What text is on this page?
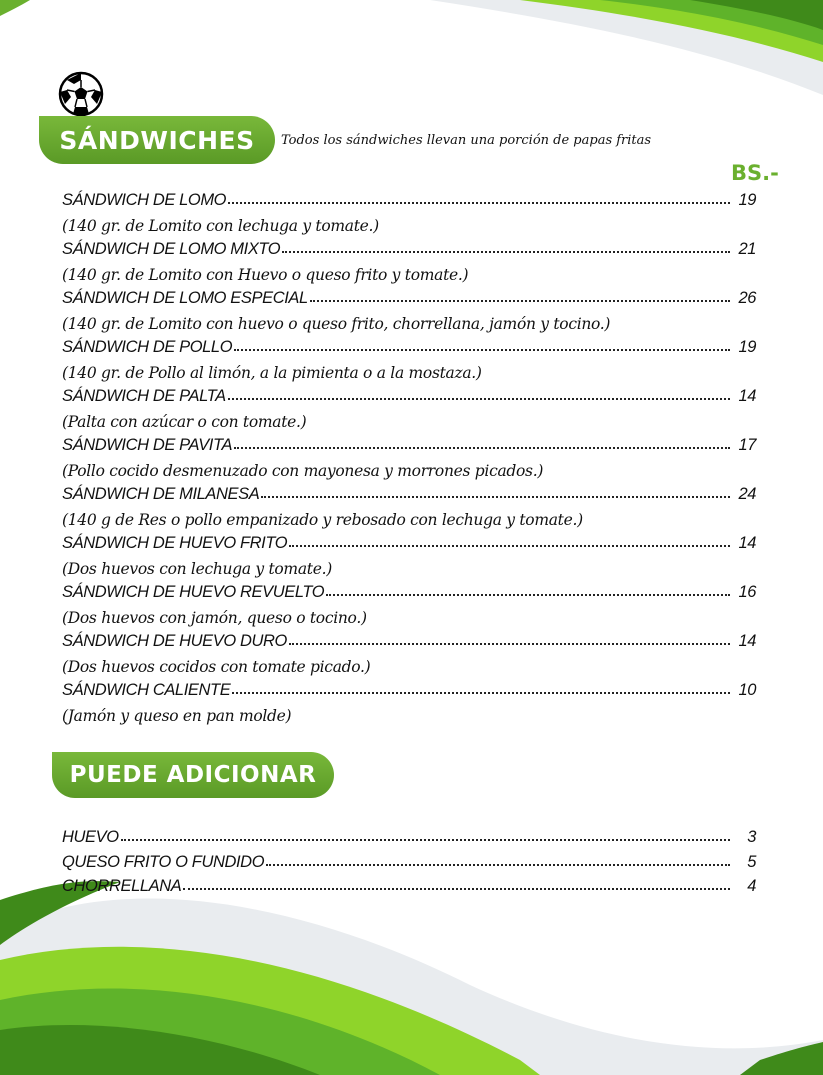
SÁNDWICHES Todos los sándwiches llevan una porción de papas fritas
BS.-
SÁNDWICH DE LOMO	19
(140 gr. de Lomito con lechuga y tomate.)
SÁNDWICH DE LOMO MIXTO	21
(140 gr. de Lomito con Huevo o queso frito y tomate.)
SÁNDWICH DE LOMO ESPECIAL	26
(140 gr. de Lomito con huevo o queso frito, chorrellana, jamón y tocino.)
SÁNDWICH DE POLLO	19
(140 gr. de Pollo al limón, a la pimienta o a la mostaza.)
SÁNDWICH DE PALTA	14
(Palta con azúcar o con tomate.)
SÁNDWICH DE PAVITA	17
(Pollo cocido desmenuzado con mayonesa y morrones picados.)
SÁNDWICH DE MILANESA	24
(140 g de Res o pollo empanizado y rebosado con lechuga y tomate.)
SÁNDWICH DE HUEVO FRITO	14
(Dos huevos con lechuga y tomate.)
SÁNDWICH DE HUEVO REVUELTO	16
(Dos huevos con jamón, queso o tocino.)
SÁNDWICH DE HUEVO DURO	14
(Dos huevos cocidos con tomate picado.)
SÁNDWICH CALIENTE	10
(Jamón y queso en pan molde)
PUEDE ADICIONAR
HUEVO	3
QUESO FRITO O FUNDIDO	5
CHORRELLANA	4
